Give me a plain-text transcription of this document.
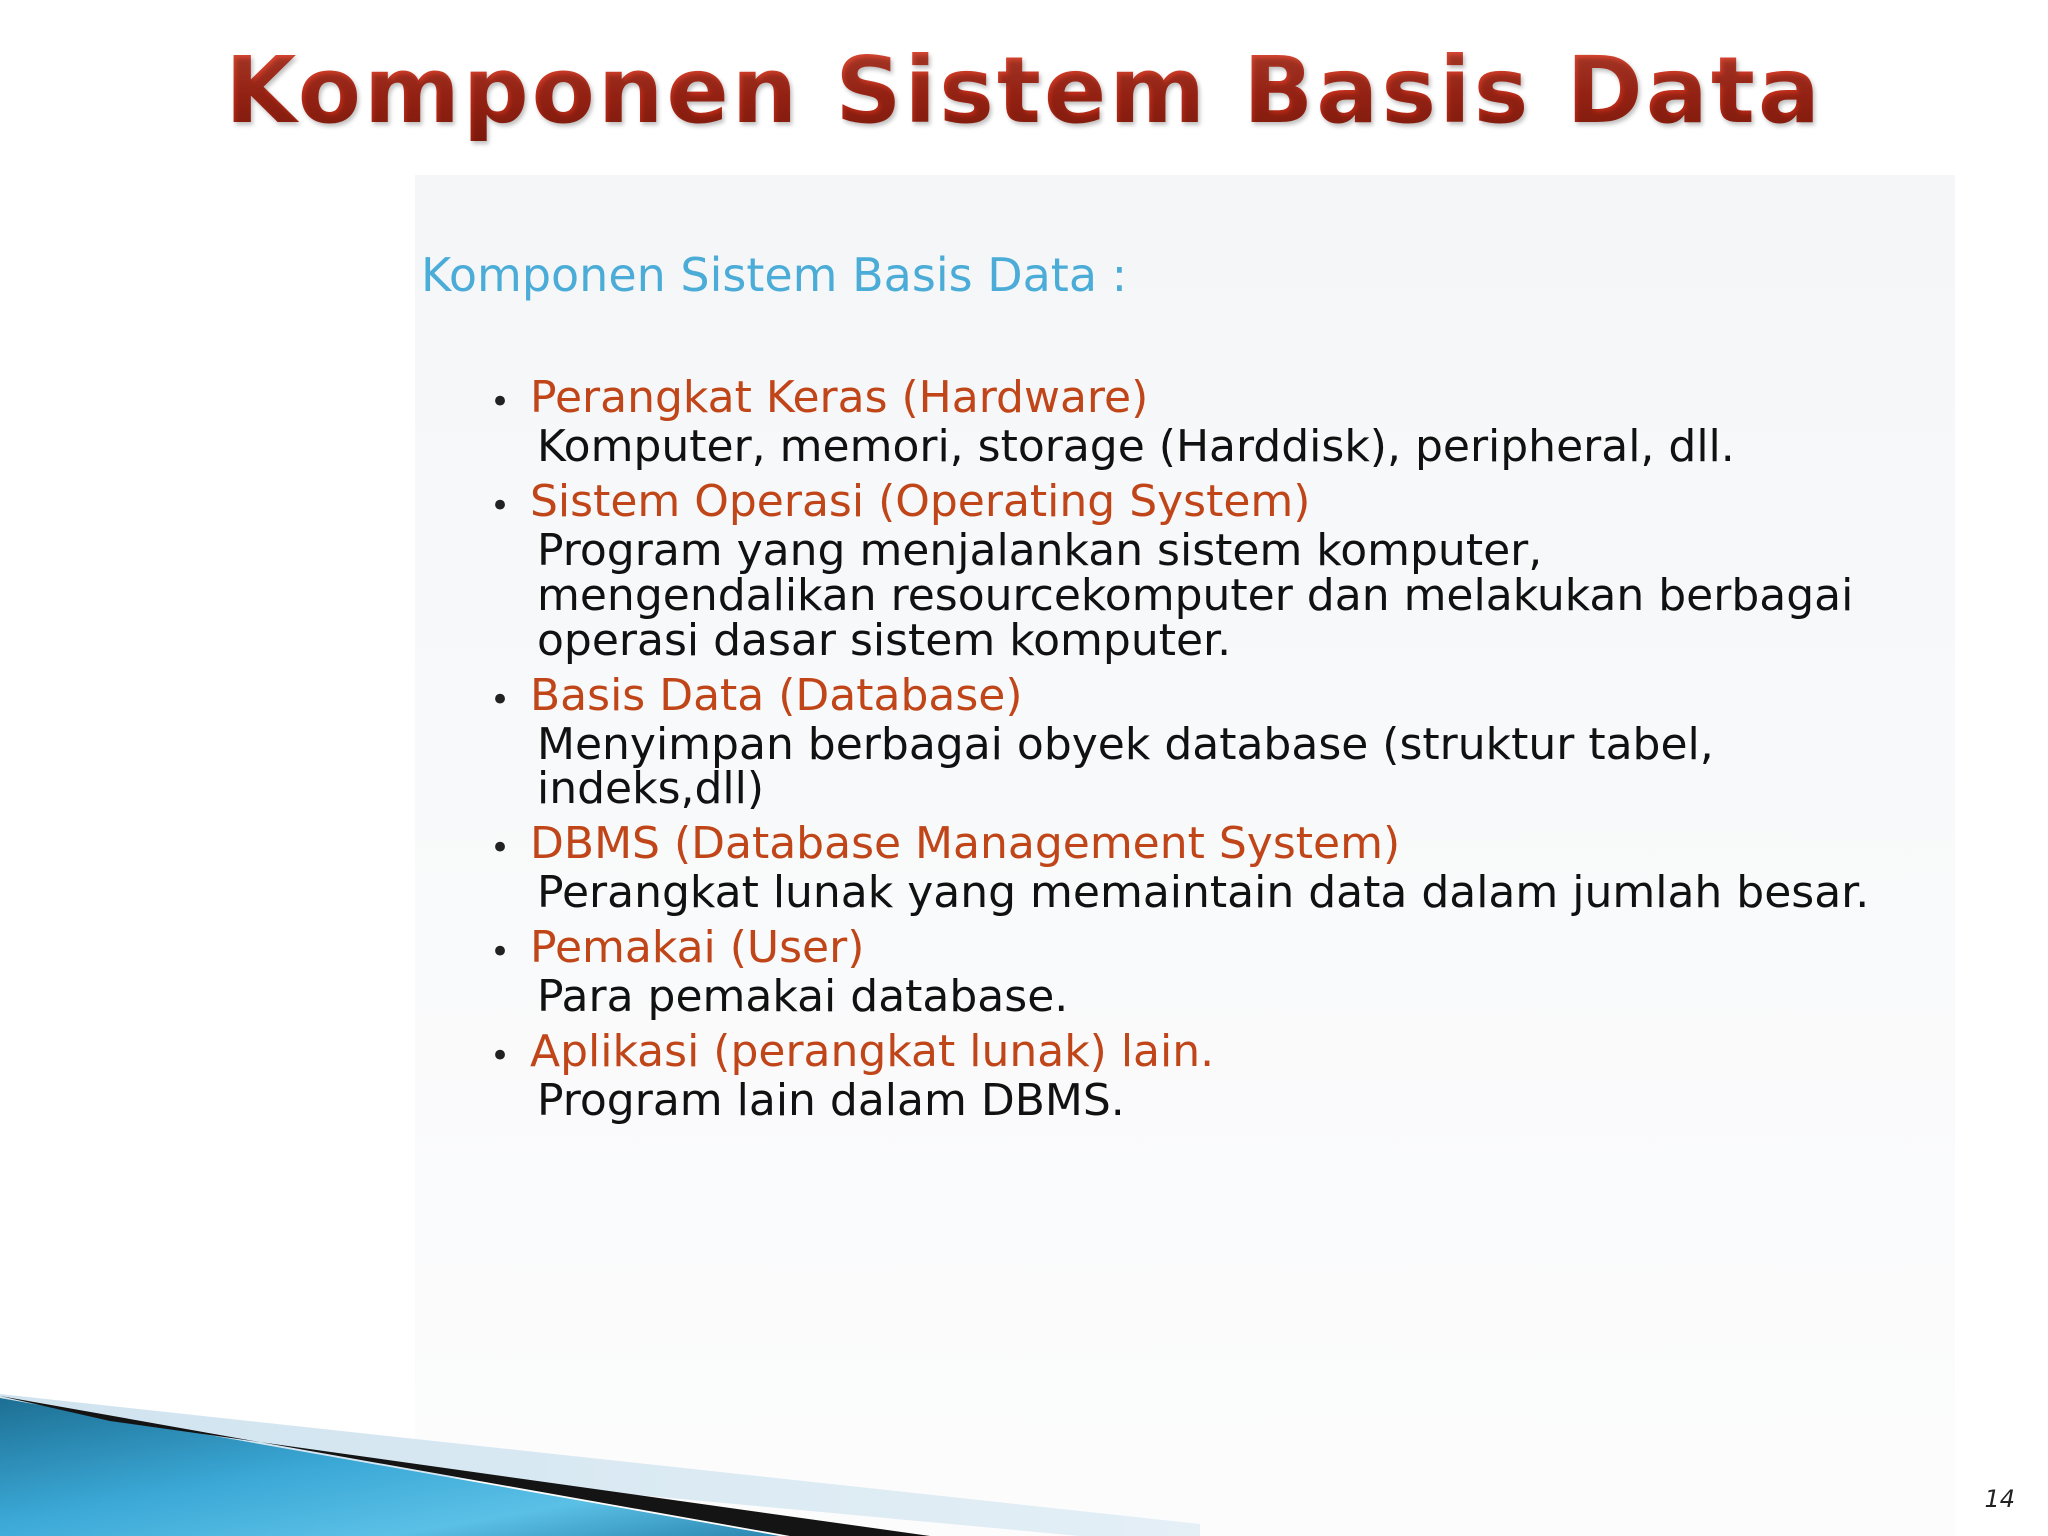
Komponen Sistem Basis Data
Komponen Sistem Basis Data :
• Perangkat Keras (Hardware)

Komputer, memori, storage (Harddisk), peripheral, dll.

• Sistem Operasi (Operating System)

Program yang menjalankan sistem komputer, mengendalikan resourcekomputer dan melakukan berbagai operasi dasar sistem komputer.

• Basis Data (Database)

Menyimpan berbagai obyek database (struktur tabel, indeks,dll)

• DBMS (Database Management System)

Perangkat lunak yang memaintain data dalam jumlah besar.

• Pemakai (User)

Para pemakai database.

• Aplikasi (perangkat lunak) lain.

Program lain dalam DBMS.

14
